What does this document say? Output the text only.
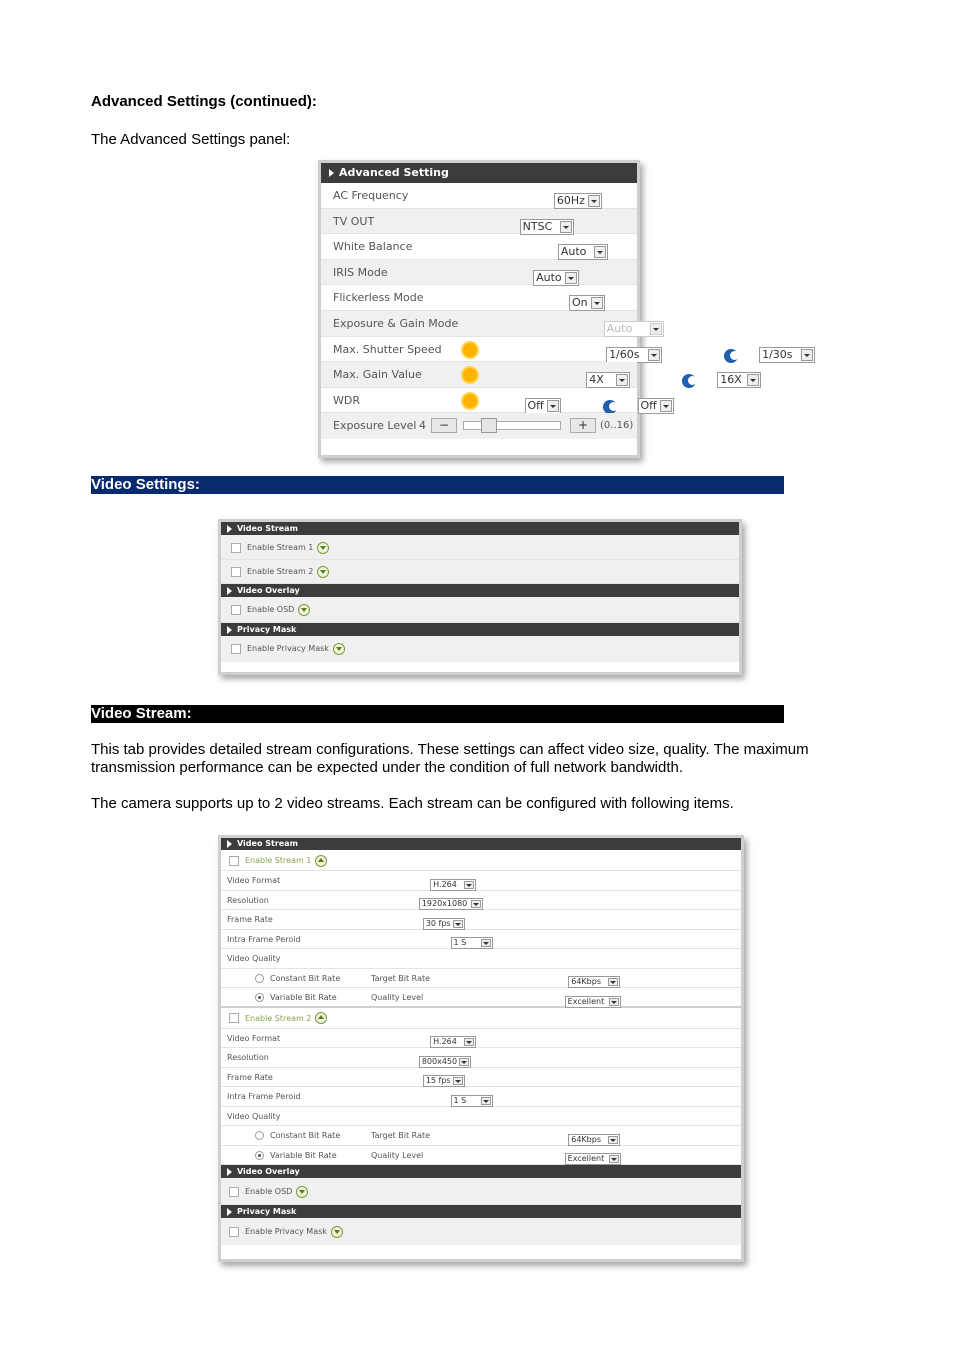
Advanced Settings (continued):
The Advanced Settings panel:
Advanced Setting
AC Frequency	60Hz
TV OUT	NTSC
White Balance	Auto
IRIS Mode	Auto
Flickerless Mode	On
Exposure & Gain Mode	Auto
Max. Shutter Speed	1/60s	1/30s
Max. Gain Value	4X	16X
WDR	Off	Off
Exposure Level 4	−	+	(0..16)
Video Settings:
Video Stream
Enable Stream 1
Enable Stream 2
Video Overlay
Enable OSD
Privacy Mask
Enable Privacy Mask
Video Stream:
This tab provides detailed stream configurations. These settings can affect video size, quality. The maximum transmission performance can be expected under the condition of full network bandwidth.
The camera supports up to 2 video streams. Each stream can be configured with following items.
Video Stream
Enable Stream 1
Video Format	H.264
Resolution	1920x1080
Frame Rate	30 fps
Intra Frame Peroid	1 S
Video Quality
Constant Bit Rate	Target Bit Rate	64Kbps
Variable Bit Rate	Quality Level	Excellent
Enable Stream 2
Video Format	H.264
Resolution	800x450
Frame Rate	15 fps
Intra Frame Peroid	1 S
Video Quality
Constant Bit Rate	Target Bit Rate	64Kbps
Variable Bit Rate	Quality Level	Excellent
Video Overlay
Enable OSD
Privacy Mask
Enable Privacy Mask
